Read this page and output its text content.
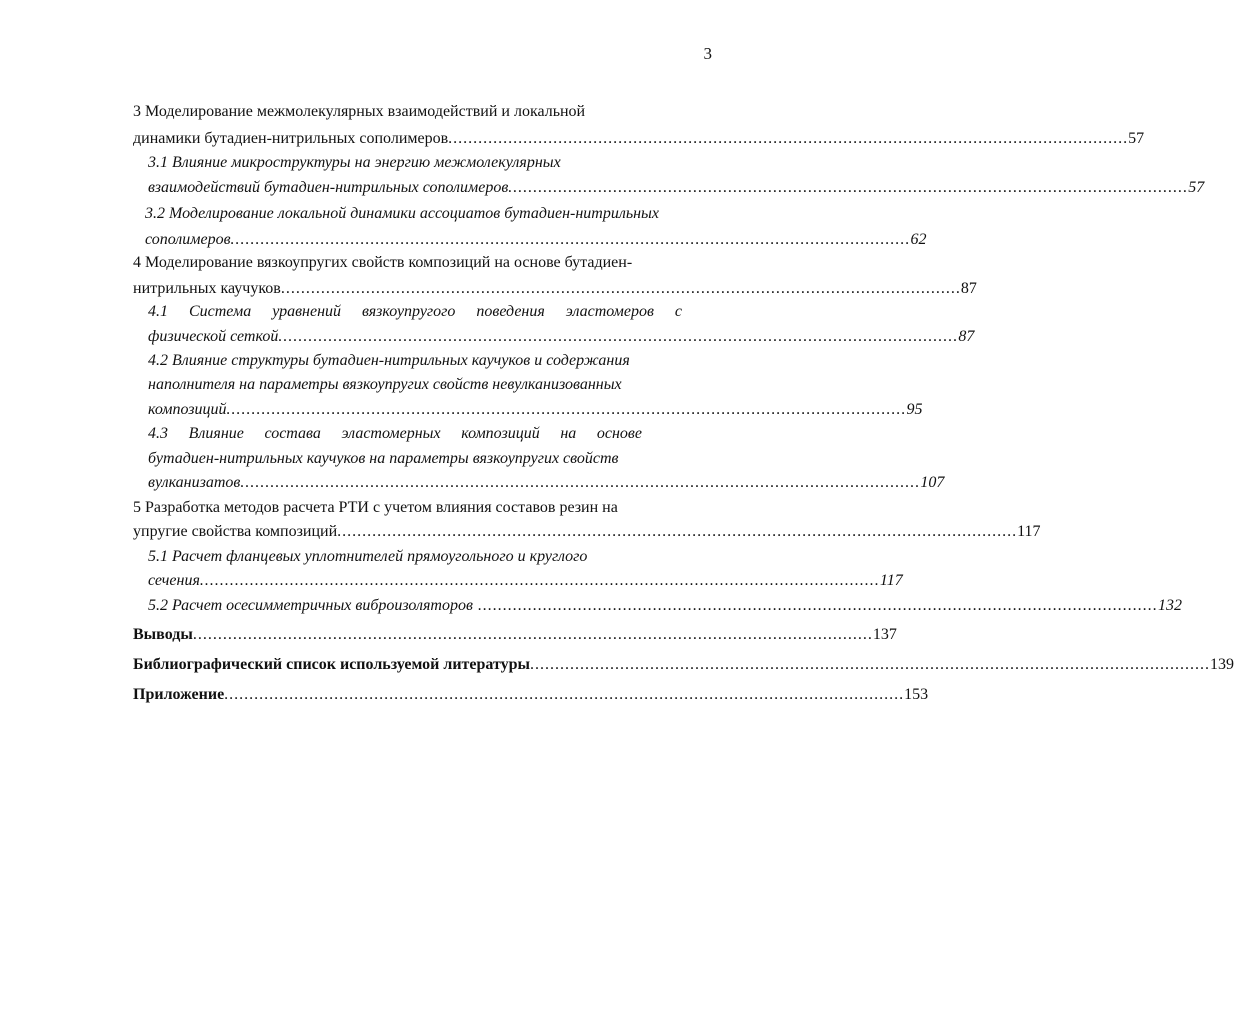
3
3 Моделирование межмолекулярных взаимодействий и локальной
динамики бутадиен-нитрильных сополимеров ........................................................................................................................................ 57
3.1 Влияние микроструктуры на энергию межмолекулярных
взаимодействий бутадиен-нитрильных сополимеров ........................................................................................................................................ 57
3.2 Моделирование локальной динамики ассоциатов бутадиен-нитрильных
сополимеров ........................................................................................................................................ 62
4 Моделирование вязкоупругих свойств композиций на основе бутадиен-
нитрильных каучуков ........................................................................................................................................ 87
4.1 Система уравнений вязкоупругого поведения эластомеров с
физической сеткой ........................................................................................................................................ 87
4.2 Влияние структуры бутадиен-нитрильных каучуков и содержания
наполнителя на параметры вязкоупругих свойств невулканизованных
композиций ........................................................................................................................................ 95
4.3 Влияние состава эластомерных композиций на основе
бутадиен-нитрильных каучуков на параметры вязкоупругих свойств
вулканизатов ........................................................................................................................................ 107
5 Разработка методов расчета РТИ с учетом влияния составов резин на
упругие свойства композиций ........................................................................................................................................ 117
5.1 Расчет фланцевых уплотнителей прямоугольного и круглого
сечения ........................................................................................................................................ 117
5.2 Расчет осесимметричных виброизоляторов ........................................................................................................................................ 132
Выводы ........................................................................................................................................ 137
Библиографический список используемой литературы ........................................................................................................................................ 139
Приложение ........................................................................................................................................ 153
